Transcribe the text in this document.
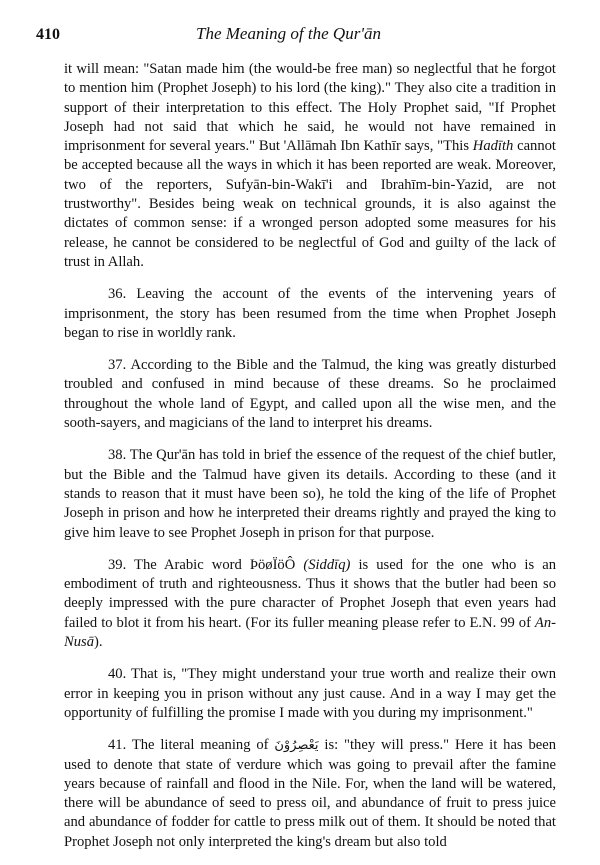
410	The Meaning of the Qur'ān

it will mean: "Satan made him (the would-be free man) so neglectful that he forgot to mention him (Prophet Joseph) to his lord (the king)." They also cite a tradition in support of their interpretation to this effect. The Holy Prophet said, "If Prophet Joseph had not said that which he said, he would not have remained in imprisonment for several years." But 'Allāmah Ibn Kathīr says, "This Hadīth cannot be accepted because all the ways in which it has been reported are weak. Moreover, two of the reporters, Sufyān-bin-Wakī'i and Ibrahīm-bin-Yazid, are not trustworthy". Besides being weak on technical grounds, it is also against the dictates of common sense: if a wronged person adopted some measures for his release, he cannot be considered to be neglectful of God and guilty of the lack of trust in Allah.

36. Leaving the account of the events of the intervening years of imprisonment, the story has been resumed from the time when Prophet Joseph began to rise in worldly rank.

37. According to the Bible and the Talmud, the king was greatly disturbed troubled and confused in mind because of these dreams. So he proclaimed throughout the whole land of Egypt, and called upon all the wise men, and the sooth-sayers, and magicians of the land to interpret his dreams.

38. The Qur'ān has told in brief the essence of the request of the chief butler, but the Bible and the Talmud have given its details. According to these (and it stands to reason that it must have been so), he told the king of the life of Prophet Joseph in prison and how he interpreted their dreams rightly and prayed the king to give him leave to see Prophet Joseph in prison for that purpose.

39. The Arabic word ÞöøÏöÔ (Siddīq) is used for the one who is an embodiment of truth and righteousness. Thus it shows that the butler had been so deeply impressed with the pure character of Prophet Joseph that even years had failed to blot it from his heart. (For its fuller meaning please refer to E.N. 99 of An-Nusā).

40. That is, "They might understand your true worth and realize their own error in keeping you in prison without any just cause. And in a way I may get the opportunity of fulfilling the promise I made with you during my imprisonment."

41. The literal meaning of يَعْصِرُوْنَ is: "they will press." Here it has been used to denote that state of verdure which was going to prevail after the famine years because of rainfall and flood in the Nile. For, when the land will be watered, there will be abundance of seed to press oil, and abundance of fruit to press juice and abundance of fodder for cattle to press milk out of them. It should be noted that Prophet Joseph not only interpreted the king's dream but also told
